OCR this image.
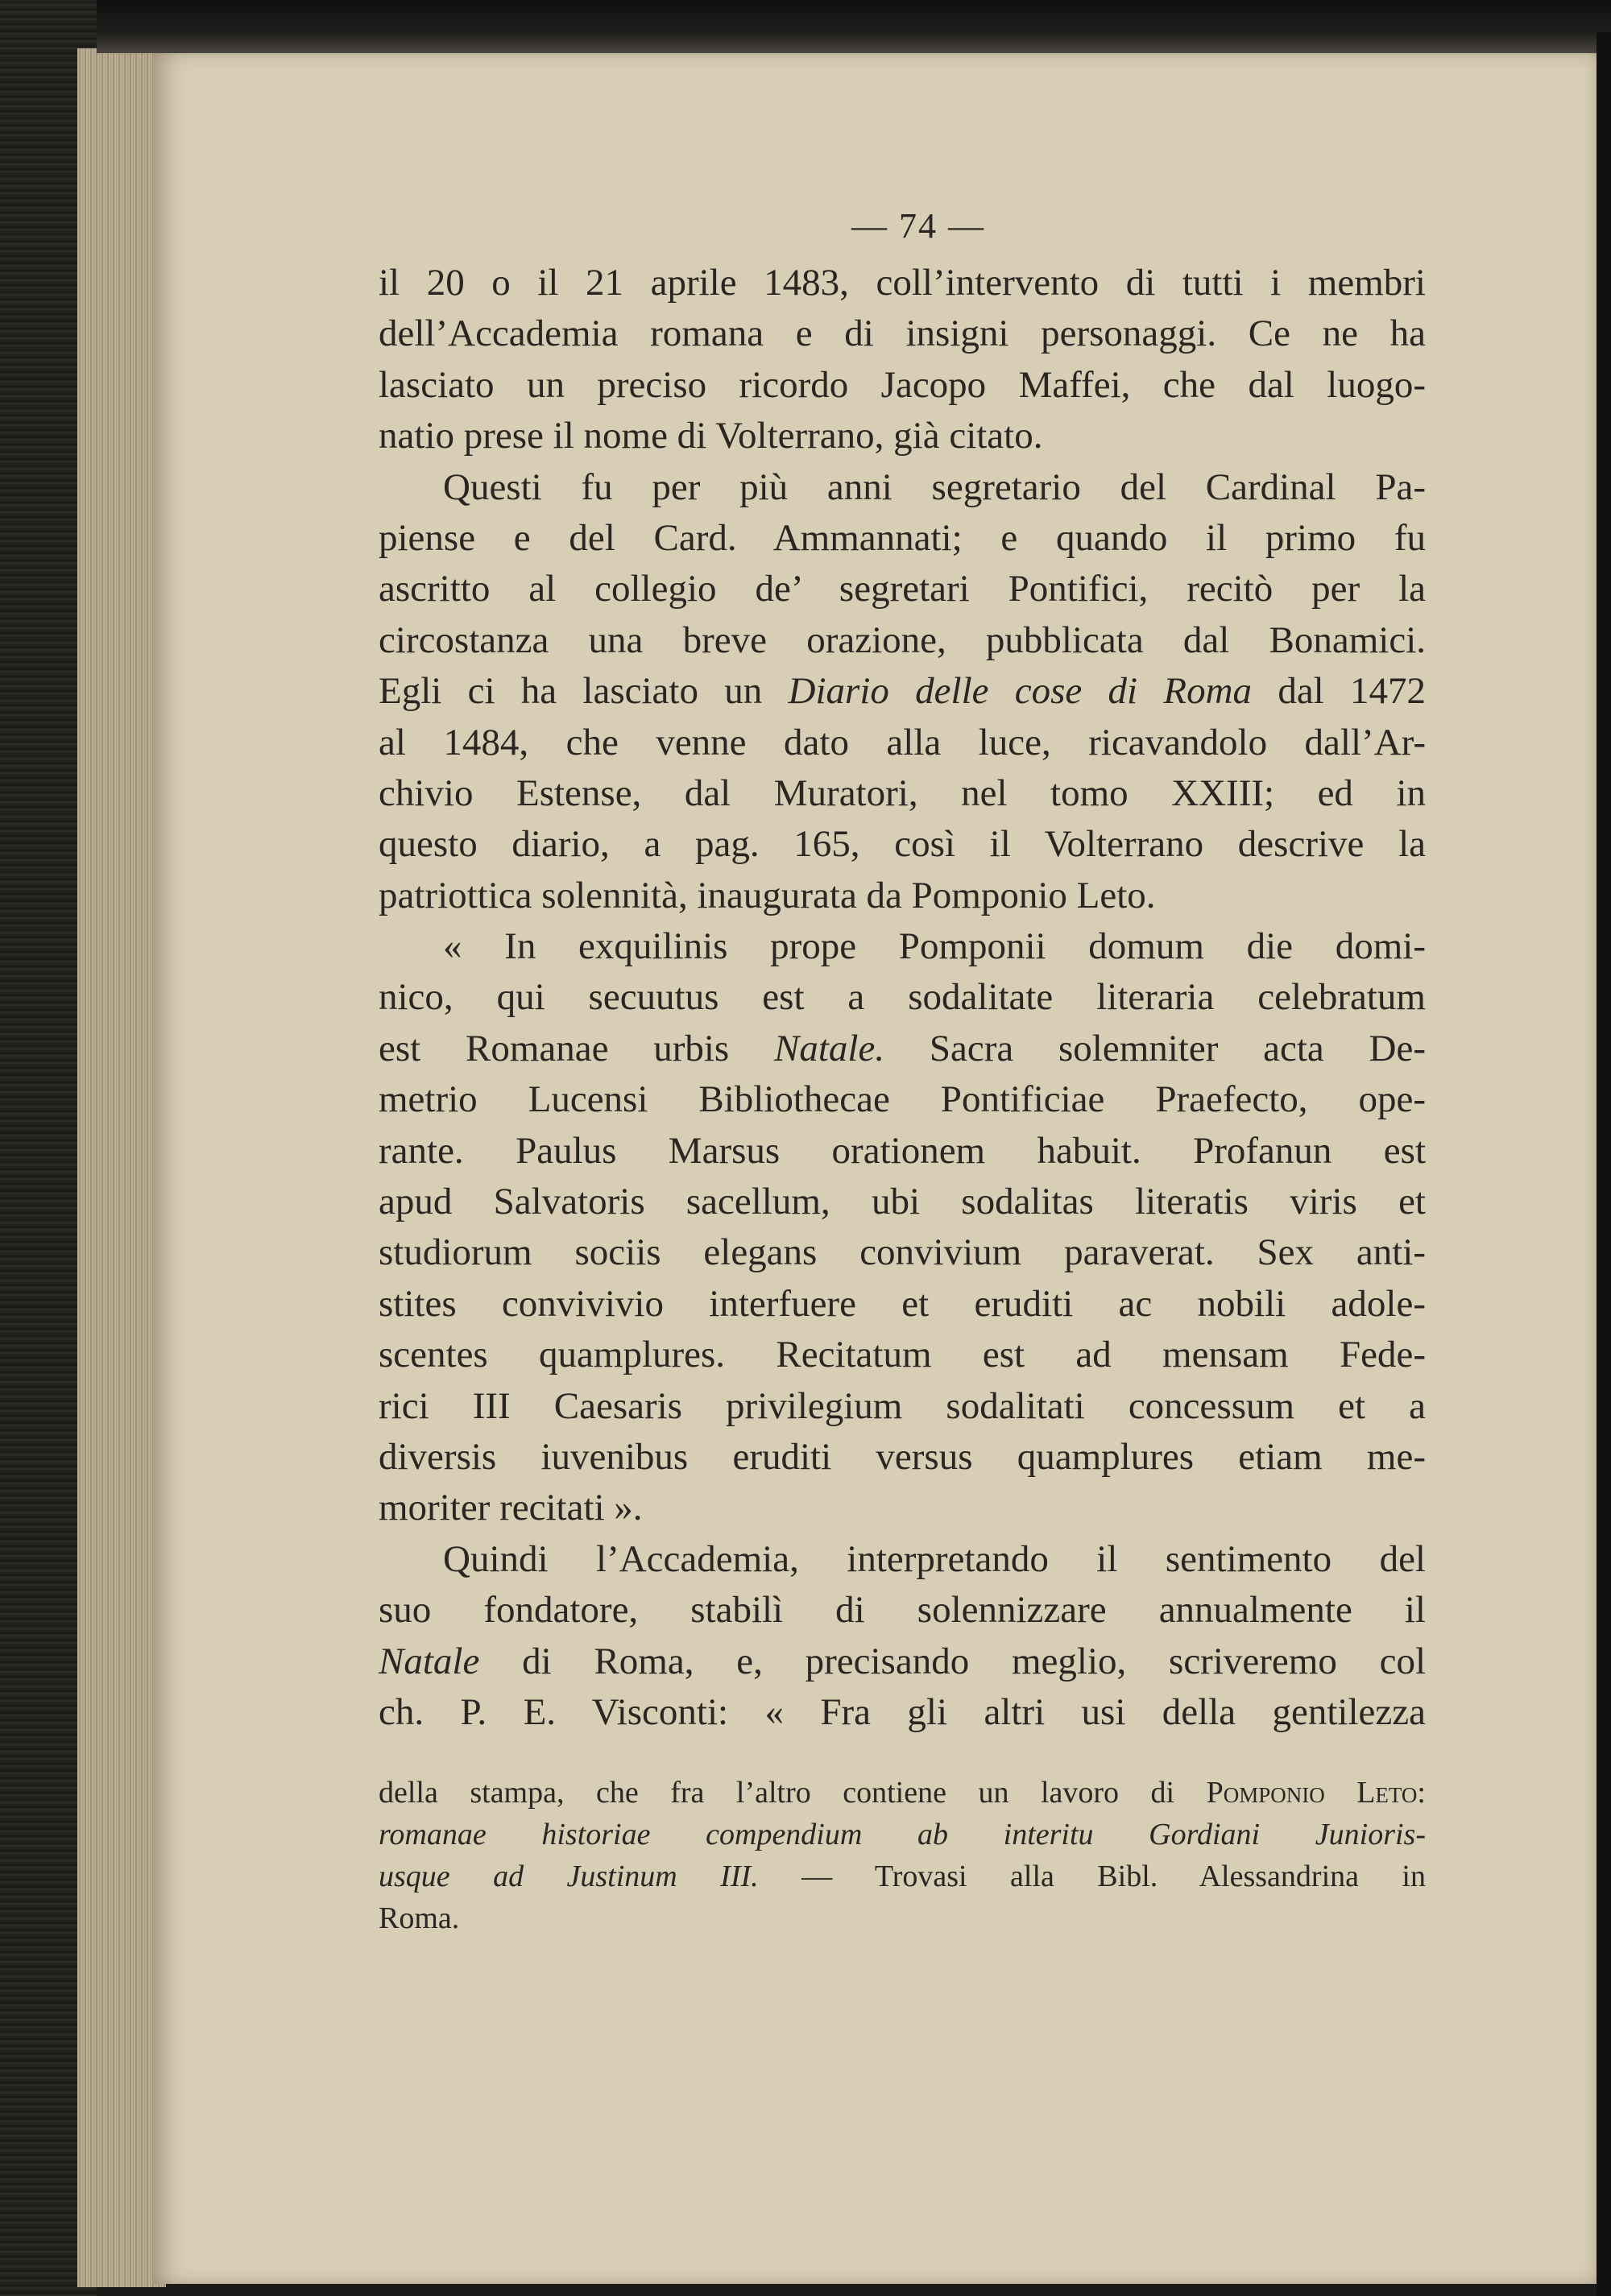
— 74 —
il 20 o il 21 aprile 1483, coll’intervento di tutti i membri
dell’Accademia romana e di insigni personaggi. Ce ne ha
lasciato un preciso ricordo Jacopo Maffei, che dal luogo-
natio prese il nome di Volterrano, già citato.
Questi fu per più anni segretario del Cardinal Pa-
piense e del Card. Ammannati; e quando il primo fu
ascritto al collegio de’ segretari Pontifici, recitò per la
circostanza una breve orazione, pubblicata dal Bonamici.
Egli ci ha lasciato un Diario delle cose di Roma dal 1472
al 1484, che venne dato alla luce, ricavandolo dall’Ar-
chivio Estense, dal Muratori, nel tomo XXIII; ed in
questo diario, a pag. 165, così il Volterrano descrive la
patriottica solennità, inaugurata da Pomponio Leto.
« In exquilinis prope Pomponii domum die domi-
nico, qui secuutus est a sodalitate literaria celebratum
est Romanae urbis Natale. Sacra solemniter acta De-
metrio Lucensi Bibliothecae Pontificiae Praefecto, ope-
rante. Paulus Marsus orationem habuit. Profanun est
apud Salvatoris sacellum, ubi sodalitas literatis viris et
studiorum sociis elegans convivium paraverat. Sex anti-
stites convivivio interfuere et eruditi ac nobili adole-
scentes quamplures. Recitatum est ad mensam Fede-
rici III Caesaris privilegium sodalitati concessum et a
diversis iuvenibus eruditi versus quamplures etiam me-
moriter recitati ».
Quindi l’Accademia, interpretando il sentimento del
suo fondatore, stabilì di solennizzare annualmente il
Natale di Roma, e, precisando meglio, scriveremo col
ch. P. E. Visconti: « Fra gli altri usi della gentilezza
della stampa, che fra l’altro contiene un lavoro di Pomponio Leto:
romanae historiae compendium ab interitu Gordiani Junioris-
usque ad Justinum III. — Trovasi alla Bibl. Alessandrina in
Roma.
